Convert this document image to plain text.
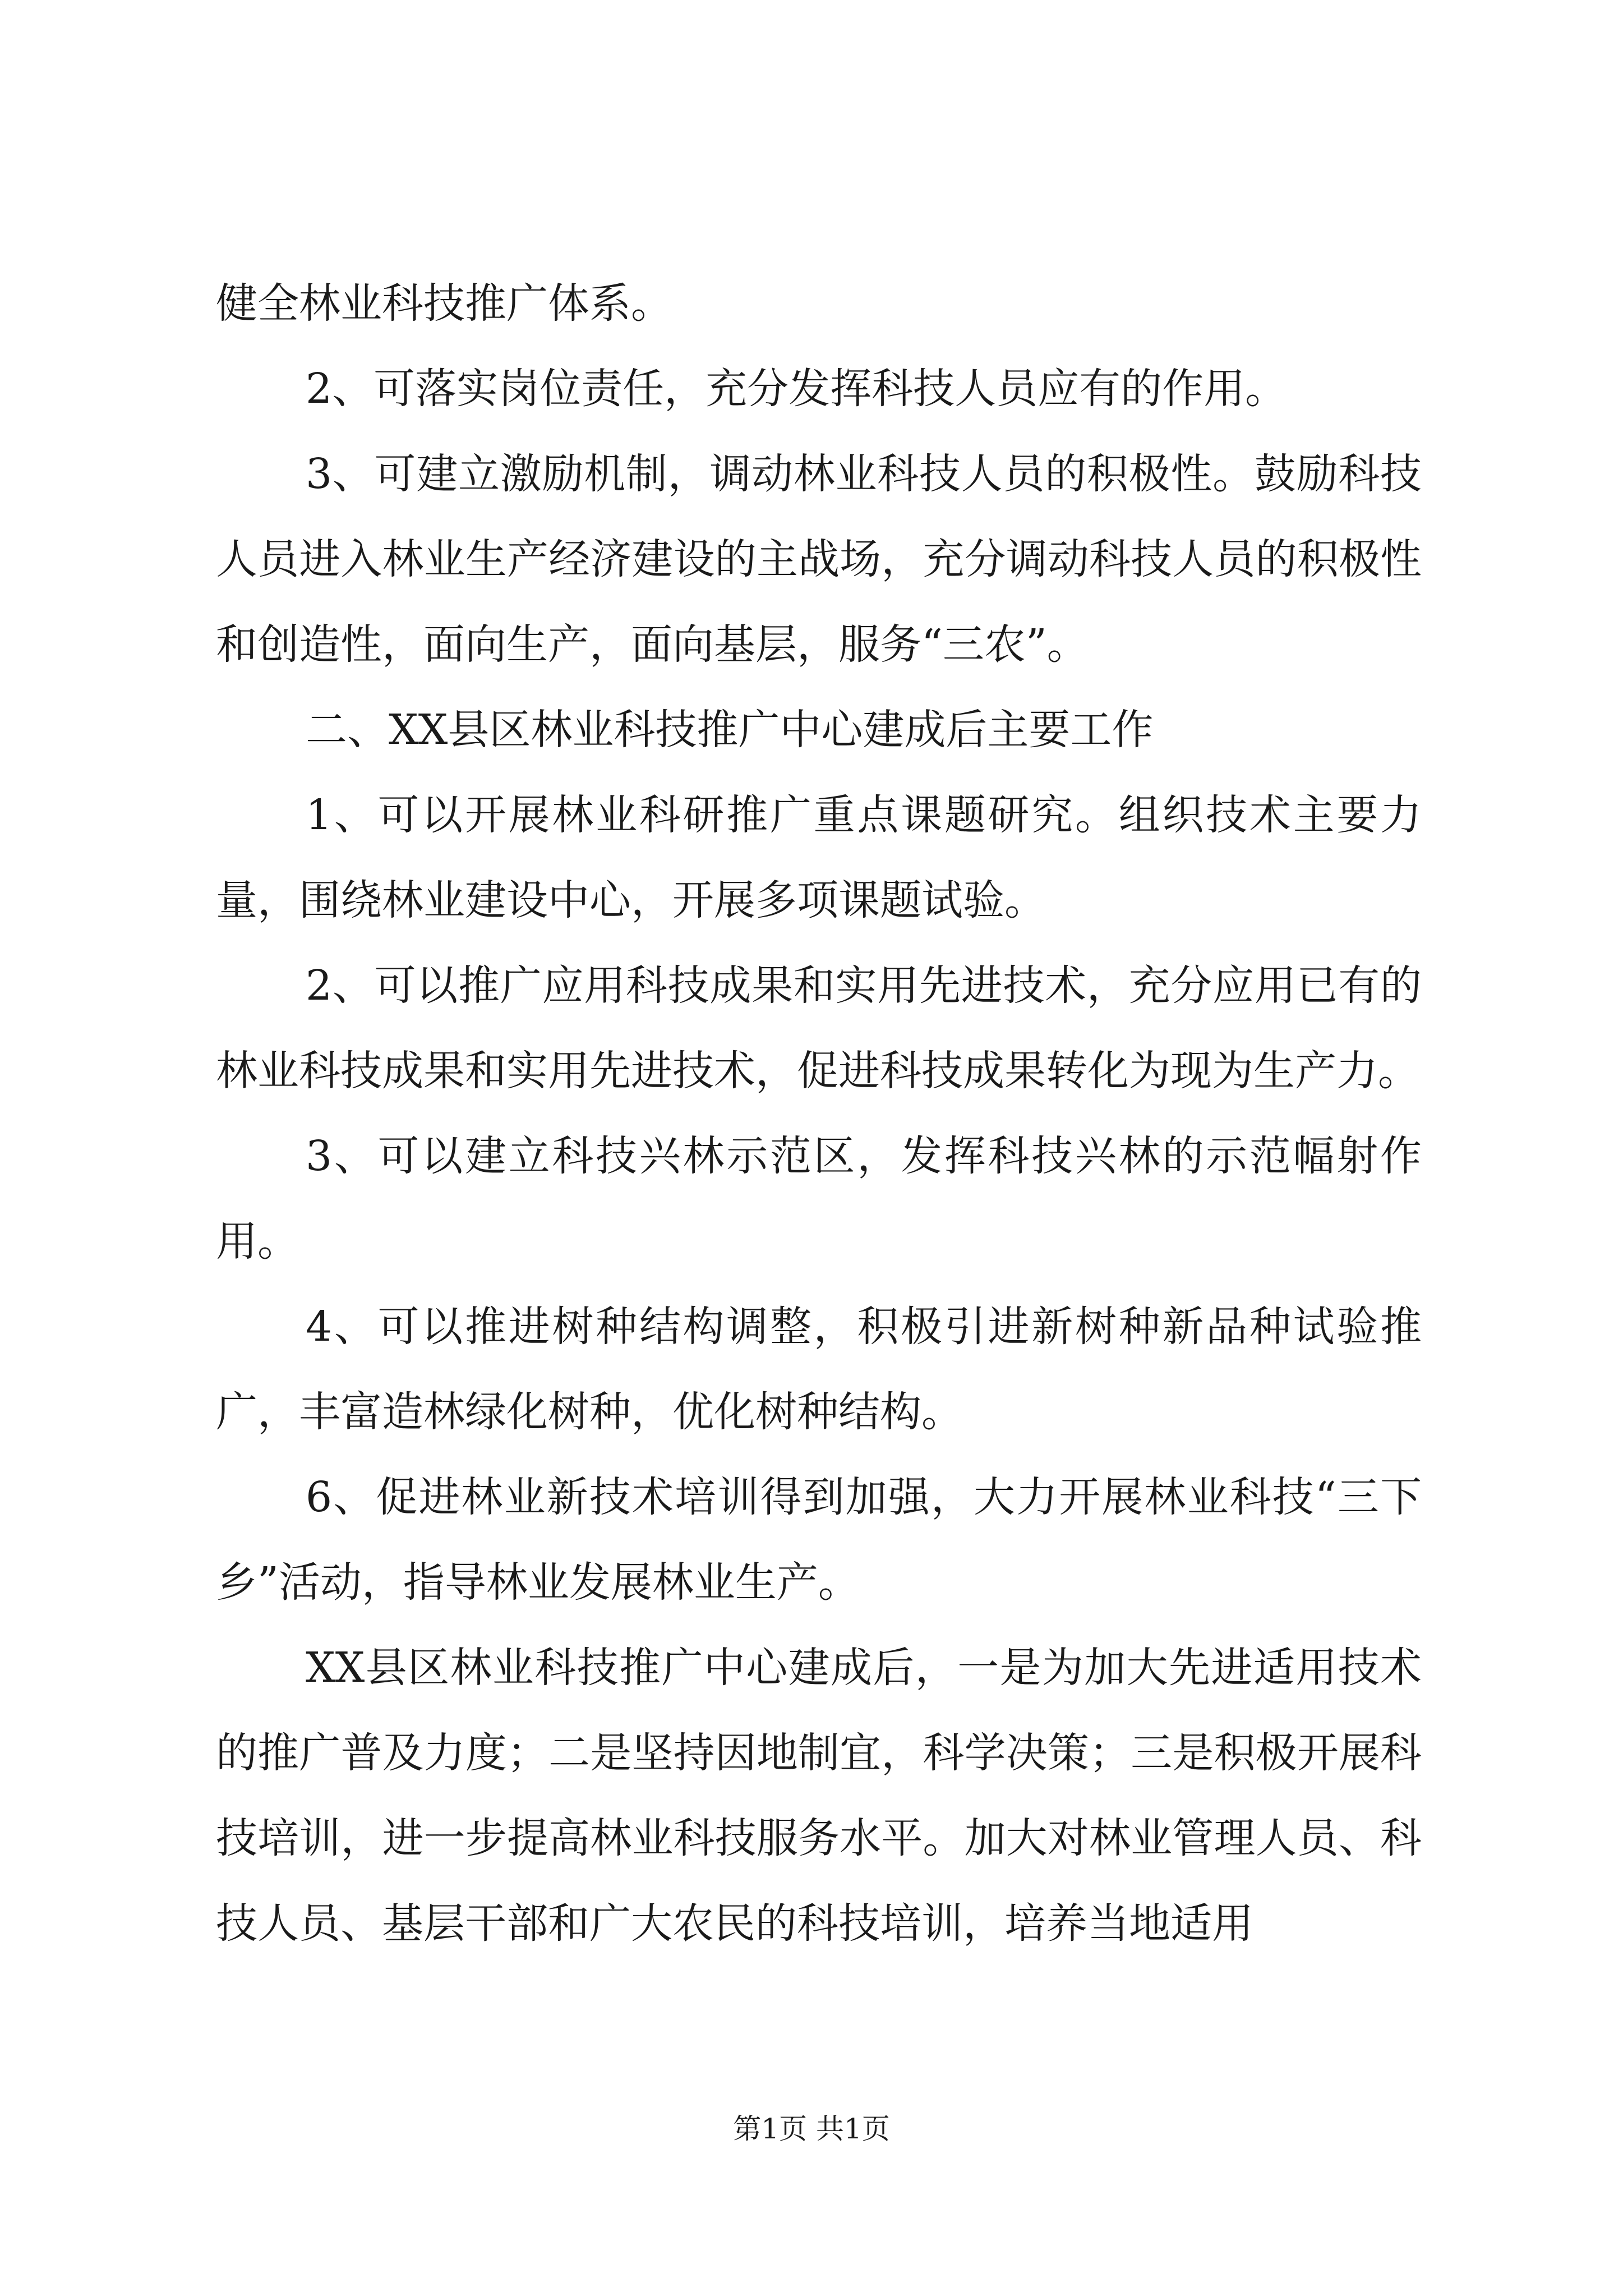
健全林业科技推广体系。

2、可落实岗位责任，充分发挥科技人员应有的作用。

3、可建立激励机制，调动林业科技人员的积极性。鼓励科技人员进入林业生产经济建设的主战场，充分调动科技人员的积极性和创造性，面向生产，面向基层，服务“三农”。

二、XX县区林业科技推广中心建成后主要工作

1、可以开展林业科研推广重点课题研究。组织技术主要力量，围绕林业建设中心，开展多项课题试验。

2、可以推广应用科技成果和实用先进技术，充分应用已有的林业科技成果和实用先进技术，促进科技成果转化为现为生产力。

3、可以建立科技兴林示范区，发挥科技兴林的示范幅射作用。

4、可以推进树种结构调整，积极引进新树种新品种试验推广，丰富造林绿化树种，优化树种结构。

6、促进林业新技术培训得到加强，大力开展林业科技“三下乡”活动，指导林业发展林业生产。

XX县区林业科技推广中心建成后，一是为加大先进适用技术的推广普及力度；二是坚持因地制宜，科学决策；三是积极开展科技培训，进一步提高林业科技服务水平。加大对林业管理人员、科技人员、基层干部和广大农民的科技培训，培养当地适用

第1页 共1页
